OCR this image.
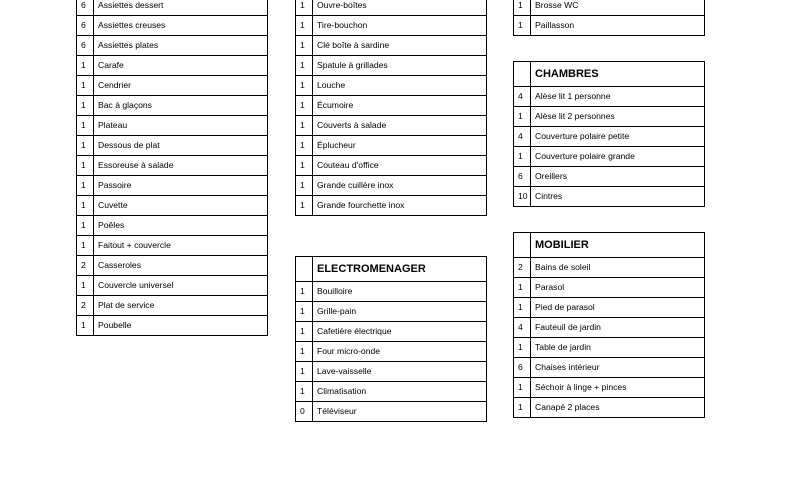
6	Assiettes dessert
6	Assiettes creuses
6	Assiettes plates
1	Carafe
1	Cendrier
1	Bac à glaçons
1	Plateau
1	Dessous de plat
1	Essoreuse à salade
1	Passoire
1	Cuvette
1	Poêles
1	Faitout + couvercle
2	Casseroles
1	Couvercle universel
2	Plat de service
1	Poubelle
1	Ouvre-boîtes
1	Tire-bouchon
1	Clé boîte à sardine
1	Spatule à grillades
1	Louche
1	Écumoire
1	Couverts à salade
1	Éplucheur
1	Couteau d'office
1	Grande cuillère inox
1	Grande fourchette inox
1	Brosse WC
1	Paillasson
	ELECTROMENAGER
1	Bouilloire
1	Grille-pain
1	Cafetière électrique
1	Four micro-onde
1	Lave-vaisselle
1	Climatisation
0	Téléviseur
	CHAMBRES
4	Alèse lit 1 personne
1	Alèse lit 2 personnes
4	Couverture polaire petite
1	Couverture polaire grande
6	Oreillers
10	Cintres
	MOBILIER
2	Bains de soleil
1	Parasol
1	Pied de parasol
4	Fauteuil de jardin
1	Table de jardin
6	Chaises intérieur
1	Séchoir à linge + pinces
1	Canapé 2 places
